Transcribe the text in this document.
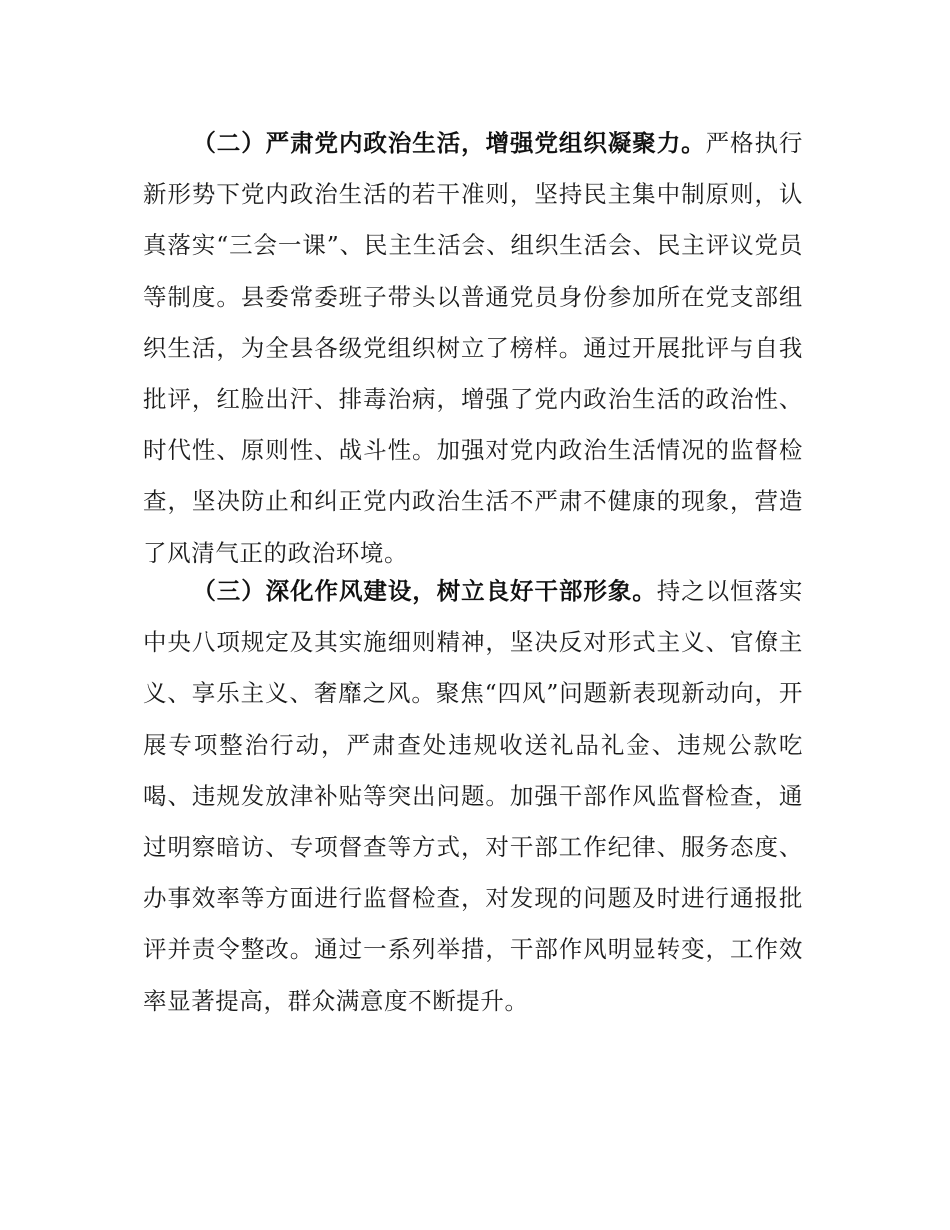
（二）严肃党内政治生活，增强党组织凝聚力。严格执行新形势下党内政治生活的若干准则，坚持民主集中制原则，认真落实“三会一课”、民主生活会、组织生活会、民主评议党员等制度。县委常委班子带头以普通党员身份参加所在党支部组织生活，为全县各级党组织树立了榜样。通过开展批评与自我批评，红脸出汗、排毒治病，增强了党内政治生活的政治性、时代性、原则性、战斗性。加强对党内政治生活情况的监督检查，坚决防止和纠正党内政治生活不严肃不健康的现象，营造了风清气正的政治环境。

（三）深化作风建设，树立良好干部形象。持之以恒落实中央八项规定及其实施细则精神，坚决反对形式主义、官僚主义、享乐主义、奢靡之风。聚焦“四风”问题新表现新动向，开展专项整治行动，严肃查处违规收送礼品礼金、违规公款吃喝、违规发放津补贴等突出问题。加强干部作风监督检查，通过明察暗访、专项督查等方式，对干部工作纪律、服务态度、办事效率等方面进行监督检查，对发现的问题及时进行通报批评并责令整改。通过一系列举措，干部作风明显转变，工作效率显著提高，群众满意度不断提升。
